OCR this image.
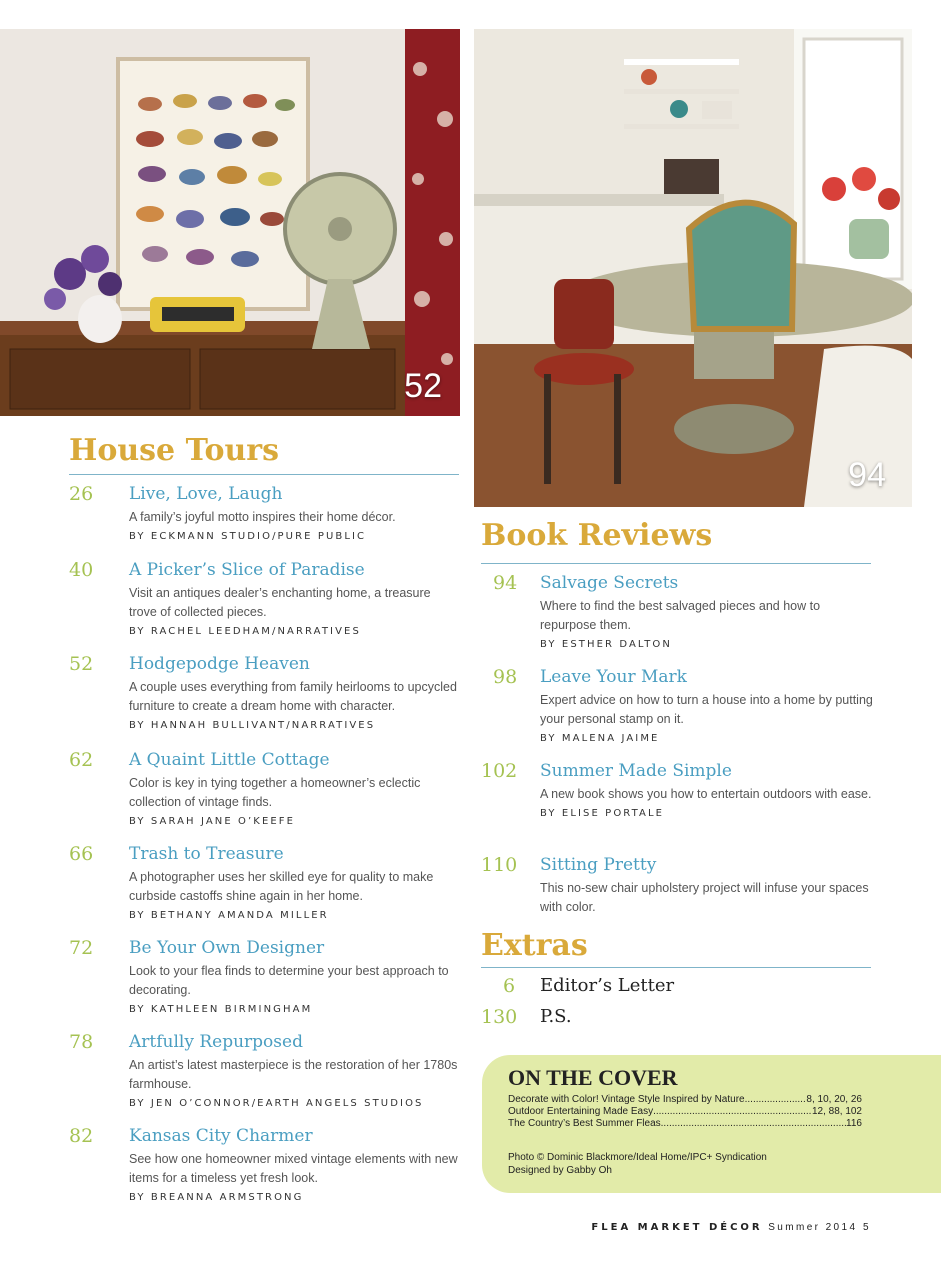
52
94
House Tours
26 Live, Love, Laugh
A family’s joyful motto inspires their home décor.
BY ECKMANN STUDIO/PURE PUBLIC
40 A Picker’s Slice of Paradise
Visit an antiques dealer’s enchanting home, a treasure trove of collected pieces.
BY RACHEL LEEDHAM/NARRATIVES
52 Hodgepodge Heaven
A couple uses everything from family heirlooms to upcycled furniture to create a dream home with character.
BY HANNAH BULLIVANT/NARRATIVES
62 A Quaint Little Cottage
Color is key in tying together a homeowner’s eclectic collection of vintage finds.
BY SARAH JANE O’KEEFE
66 Trash to Treasure
A photographer uses her skilled eye for quality to make curbside castoffs shine again in her home.
BY BETHANY AMANDA MILLER
72 Be Your Own Designer
Look to your flea finds to determine your best approach to decorating.
BY KATHLEEN BIRMINGHAM
78 Artfully Repurposed
An artist’s latest masterpiece is the restoration of her 1780s farmhouse.
BY JEN O’CONNOR/EARTH ANGELS STUDIOS
82 Kansas City Charmer
See how one homeowner mixed vintage elements with new items for a timeless yet fresh look.
BY BREANNA ARMSTRONG
Book Reviews
94 Salvage Secrets
Where to find the best salvaged pieces and how to repurpose them.
BY ESTHER DALTON
98 Leave Your Mark
Expert advice on how to turn a house into a home by putting your personal stamp on it.
BY MALENA JAIME
102 Summer Made Simple
A new book shows you how to entertain outdoors with ease.
BY ELISE PORTALE
110 Sitting Pretty
This no-sew chair upholstery project will infuse your spaces with color.
Extras
6 Editor’s Letter
130 P.S.
ON THE COVER
Decorate with Color! Vintage Style Inspired by Nature .....	8, 10, 20, 26
Outdoor Entertaining Made Easy .....	12, 88, 102
The Country’s Best Summer Fleas .....	116
Photo © Dominic Blackmore/Ideal Home/IPC+ Syndication
Designed by Gabby Oh
FLEA MARKET DÉCOR Summer 2014 5
